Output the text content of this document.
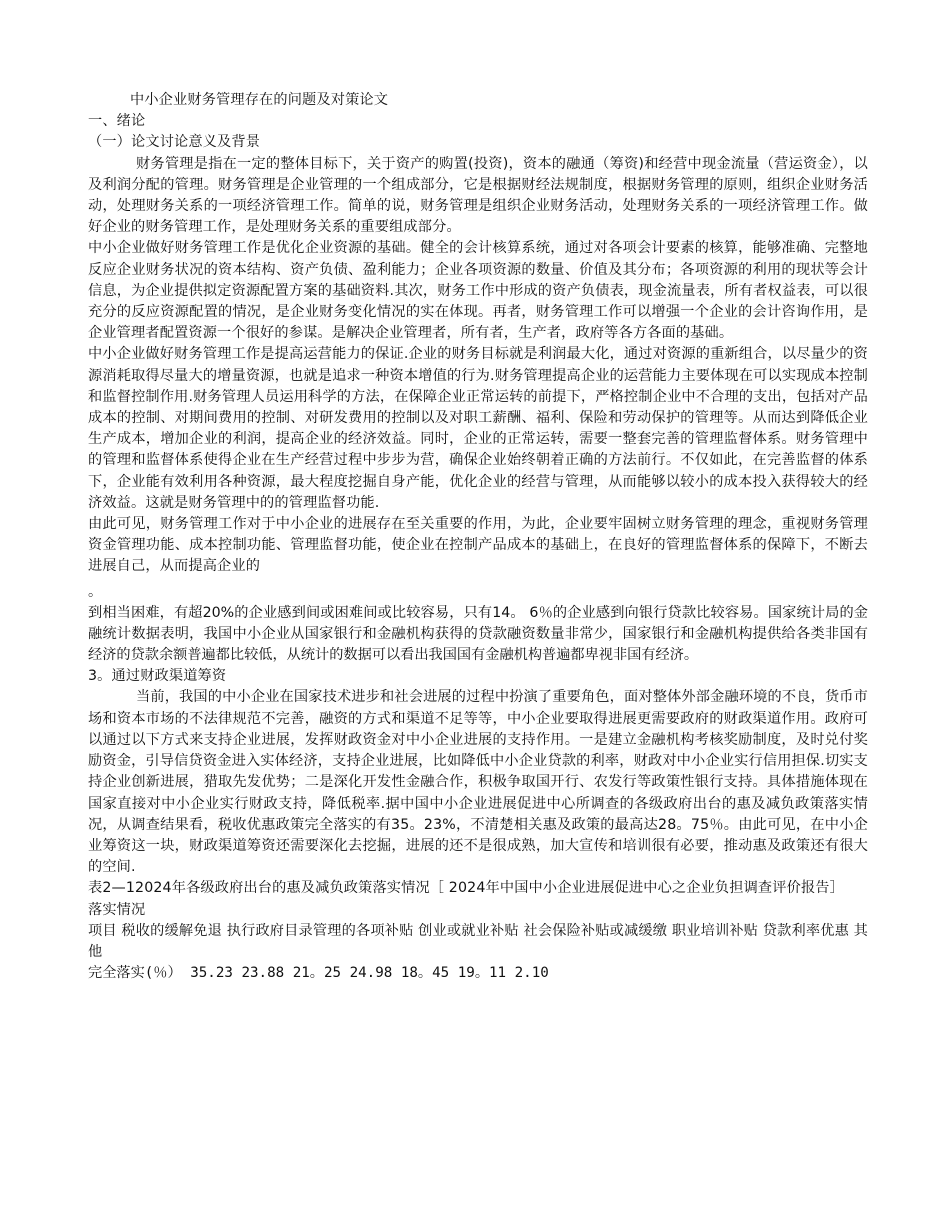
中小企业财务管理存在的问题及对策论文

一、绪论

（一）论文讨论意义及背景

财务管理是指在一定的整体目标下，关于资产的购置(投资)，资本的融通（筹资)和经营中现金流量（营运资金），以及利润分配的管理。财务管理是企业管理的一个组成部分，它是根据财经法规制度，根据财务管理的原则，组织企业财务活动，处理财务关系的一项经济管理工作。简单的说，财务管理是组织企业财务活动，处理财务关系的一项经济管理工作。做好企业的财务管理工作，是处理财务关系的重要组成部分。

中小企业做好财务管理工作是优化企业资源的基础。健全的会计核算系统，通过对各项会计要素的核算，能够准确、完整地反应企业财务状况的资本结构、资产负债、盈利能力；企业各项资源的数量、价值及其分布；各项资源的利用的现状等会计信息，为企业提供拟定资源配置方案的基础资料.其次，财务工作中形成的资产负债表，现金流量表，所有者权益表，可以很充分的反应资源配置的情况，是企业财务变化情况的实在体现。再者，财务管理工作可以增强一个企业的会计咨询作用，是企业管理者配置资源一个很好的参谋。是解决企业管理者，所有者，生产者，政府等各方各面的基础。

中小企业做好财务管理工作是提高运营能力的保证.企业的财务目标就是利润最大化，通过对资源的重新组合，以尽量少的资源消耗取得尽量大的增量资源，也就是追求一种资本增值的行为.财务管理提高企业的运营能力主要体现在可以实现成本控制和监督控制作用.财务管理人员运用科学的方法，在保障企业正常运转的前提下，严格控制企业中不合理的支出，包括对产品成本的控制、对期间费用的控制、对研发费用的控制以及对职工薪酬、福利、保险和劳动保护的管理等。从而达到降低企业生产成本，增加企业的利润，提高企业的经济效益。同时，企业的正常运转，需要一整套完善的管理监督体系。财务管理中的管理和监督体系使得企业在生产经营过程中步步为营，确保企业始终朝着正确的方法前行。不仅如此，在完善监督的体系下，企业能有效利用各种资源，最大程度挖掘自身产能，优化企业的经营与管理，从而能够以较小的成本投入获得较大的经济效益。这就是财务管理中的的管理监督功能.

由此可见，财务管理工作对于中小企业的进展存在至关重要的作用，为此，企业要牢固树立财务管理的理念，重视财务管理资金管理功能、成本控制功能、管理监督功能，使企业在控制产品成本的基础上，在良好的管理监督体系的保障下，不断去进展自己，从而提高企业的

。

到相当困难，有超20%的企业感到间或困难间或比较容易，只有14。 6％的企业感到向银行贷款比较容易。国家统计局的金融统计数据表明，我国中小企业从国家银行和金融机构获得的贷款融资数量非常少，国家银行和金融机构提供给各类非国有经济的贷款余额普遍都比较低，从统计的数据可以看出我国国有金融机构普遍都卑视非国有经济。

3。通过财政渠道筹资

当前，我国的中小企业在国家技术进步和社会进展的过程中扮演了重要角色，面对整体外部金融环境的不良，货币市场和资本市场的不法律规范不完善，融资的方式和渠道不足等等，中小企业要取得进展更需要政府的财政渠道作用。政府可以通过以下方式来支持企业进展，发挥财政资金对中小企业进展的支持作用。一是建立金融机构考核奖励制度，及时兑付奖励资金，引导信贷资金进入实体经济，支持企业进展，比如降低中小企业贷款的利率，财政对中小企业实行信用担保.切实支持企业创新进展，猎取先发优势；二是深化开发性金融合作，积极争取国开行、农发行等政策性银行支持。具体措施体现在国家直接对中小企业实行财政支持，降低税率.据中国中小企业进展促进中心所调查的各级政府出台的惠及减负政策落实情况，从调查结果看，税收优惠政策完全落实的有35。23%，不清楚相关惠及政策的最高达28。75％。由此可见，在中小企业筹资这一块，财政渠道筹资还需要深化去挖掘，进展的还不是很成熟，加大宣传和培训很有必要，推动惠及政策还有很大的空间.

表2—12024年各级政府出台的惠及减负政策落实情况［ 2024年中国中小企业进展促进中心之企业负担调查评价报告］

落实情况

项目 税收的缓解免退 执行政府目录管理的各项补贴 创业或就业补贴 社会保险补贴或减缓缴 职业培训补贴 贷款利率优惠 其他

完全落实(％） 35.23 23.88 21。25 24.98 18。45 19。11 2.10
